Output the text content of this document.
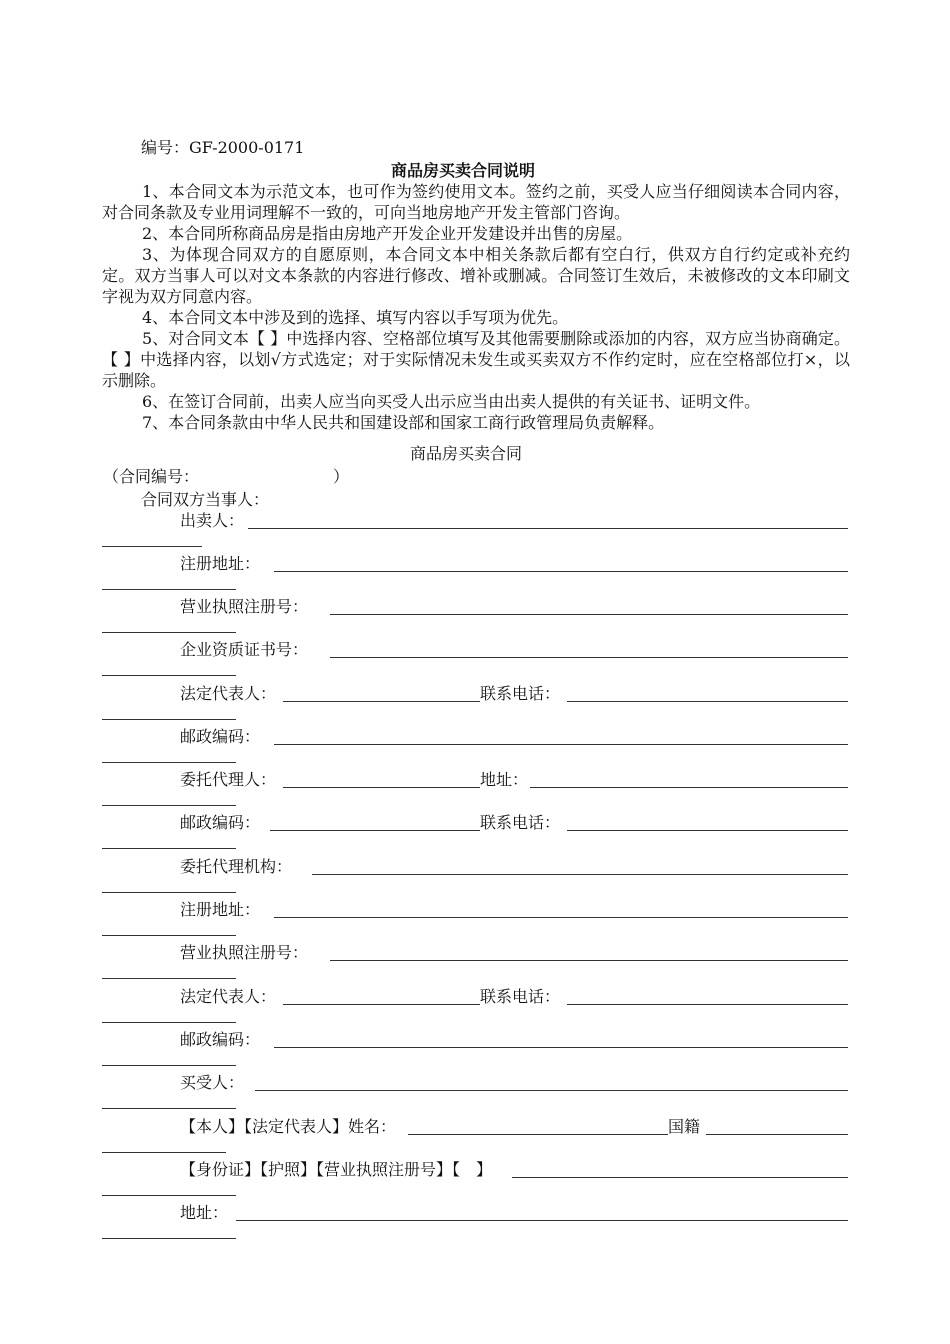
编号：GF-2000-0171
商品房买卖合同说明

1、本合同文本为示范文本，也可作为签约使用文本。签约之前，买受人应当仔细阅读本合同内容，对合同条款及专业用词理解不一致的，可向当地房地产开发主管部门咨询。

2、本合同所称商品房是指由房地产开发企业开发建设并出售的房屋。

3、为体现合同双方的自愿原则，本合同文本中相关条款后都有空白行，供双方自行约定或补充约定。双方当事人可以对文本条款的内容进行修改、增补或删减。合同签订生效后，未被修改的文本印刷文字视为双方同意内容。

4、本合同文本中涉及到的选择、填写内容以手写项为优先。

5、对合同文本【 】中选择内容、空格部位填写及其他需要删除或添加的内容，双方应当协商确定。【 】中选择内容，以划√方式选定；对于实际情况未发生或买卖双方不作约定时，应在空格部位打×，以示删除。

6、在签订合同前，出卖人应当向买受人出示应当由出卖人提供的有关证书、证明文件。

7、本合同条款由中华人民共和国建设部和国家工商行政管理局负责解释。

商品房买卖合同
（合同编号：	）
合同双方当事人：
出卖人：
注册地址：
营业执照注册号：
企业资质证书号：
法定代表人：	联系电话：
邮政编码：
委托代理人：	地址：
邮政编码：	联系电话：
委托代理机构：
注册地址：
营业执照注册号：
法定代表人：	联系电话：
邮政编码：
买受人：
【本人】【法定代表人】姓名：	国籍
【身份证】【护照】【营业执照注册号】【　】
地址：
